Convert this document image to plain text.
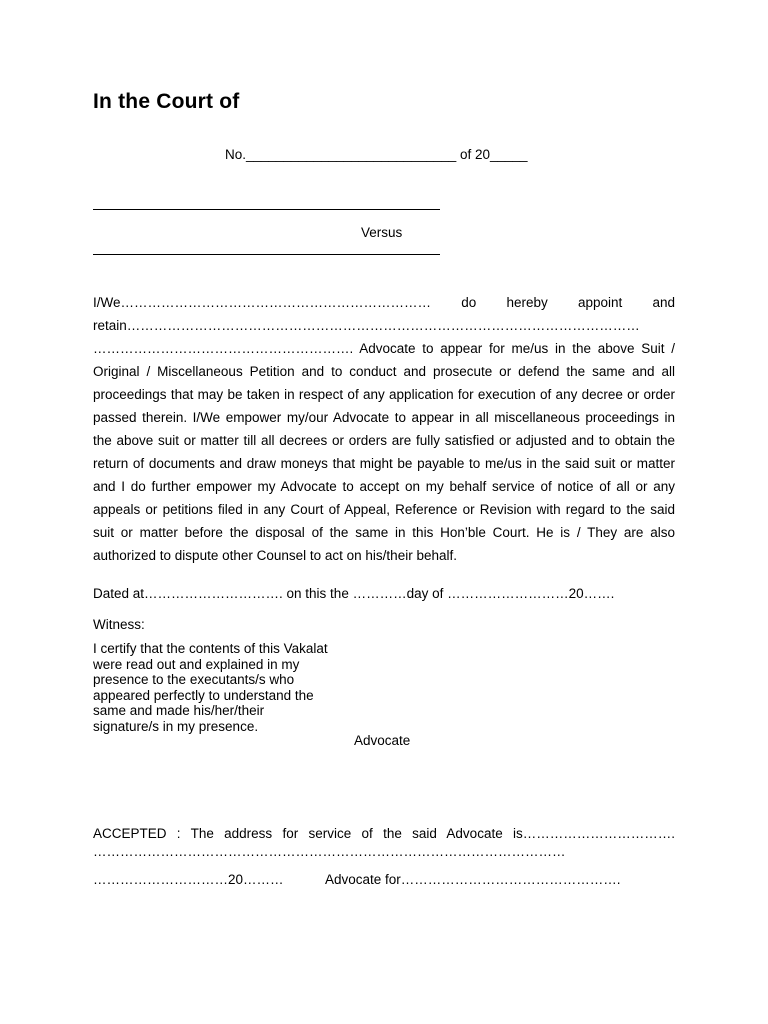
In the Court of
No.____________________________ of 20_____
Versus

I/We…………………………………………………………… do hereby appoint and
retain……………………………………………………………………………………………………
…………………………………………………. Advocate to appear for me/us in the above Suit /
Original / Miscellaneous Petition and to conduct and prosecute or defend the same and all proceedings that may be taken in respect of any application for execution of any decree or order passed therein. I/We empower my/our Advocate to appear in all miscellaneous proceedings in the above suit or matter till all decrees or orders are fully satisfied or adjusted and to obtain the return of documents and draw moneys that might be payable to me/us in the said suit or matter and I do further empower my Advocate to accept on my behalf service of notice of all or any appeals or petitions filed in any Court of Appeal, Reference or Revision with regard to the said suit or matter before the disposal of the same in this Hon’ble Court. He is / They are also authorized to dispute other Counsel to act on his/their behalf.

Dated at…………………………. on this the …………day of ………………………20…….
Witness:
I certify that the contents of this Vakalat
were read out and explained in my
presence to the executants/s who
appeared perfectly to understand the
same and made his/her/their
signature/s in my presence.
Advocate
ACCEPTED : The address for service of the said Advocate is…………………………….
……………………………………………………………………………………………
…………………………20………	Advocate for………………………………………….
